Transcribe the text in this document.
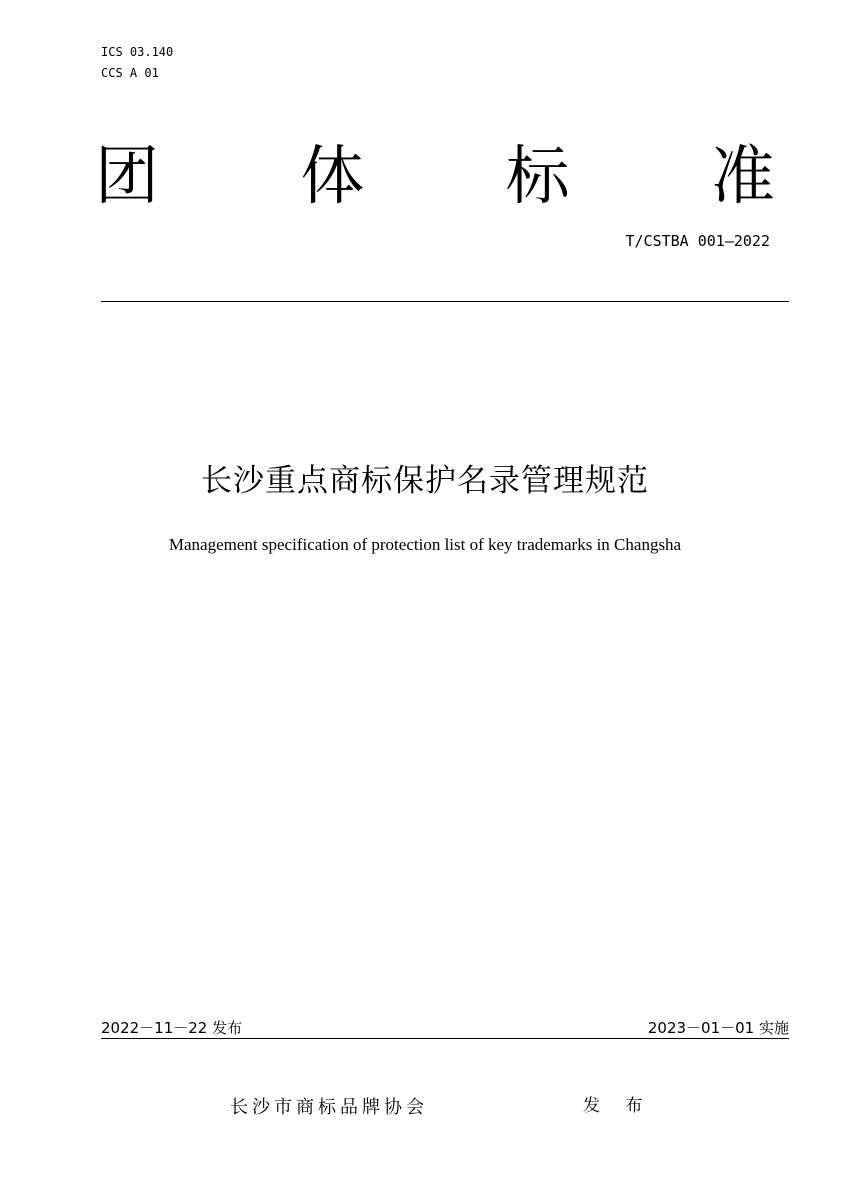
ICS 03.140
CCS A 01
团 体 标 准
T/CSTBA 001—2022
长沙重点商标保护名录管理规范
Management specification of protection list of key trademarks in Changsha
2022－11－22 发布	2023－01－01 实施
长沙市商标品牌协会	发 布
